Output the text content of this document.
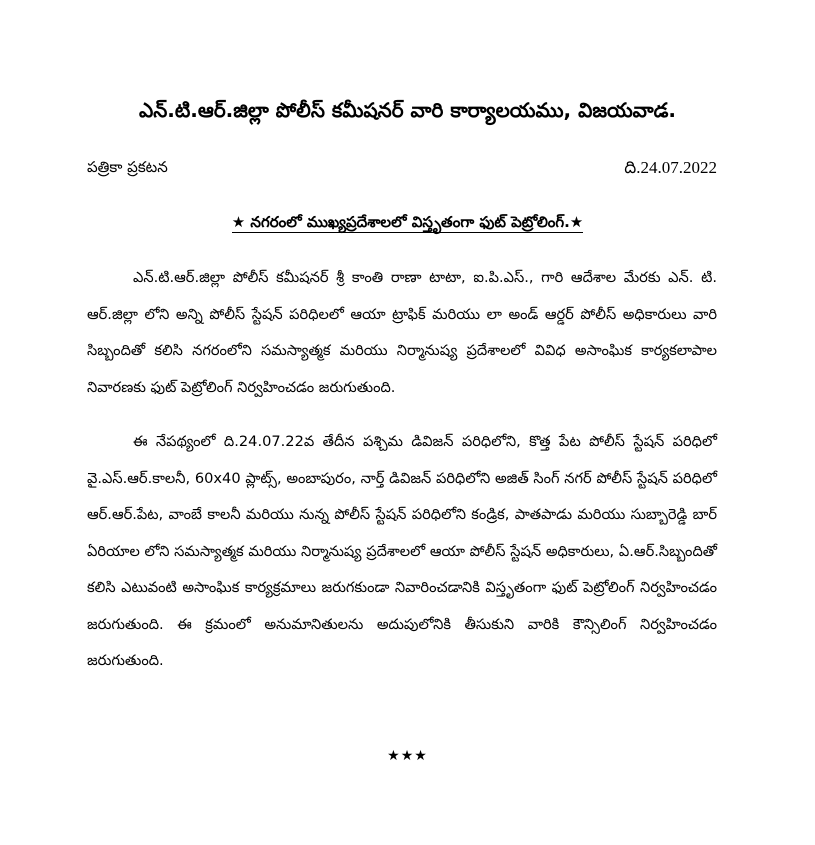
ఎన్.టి.ఆర్.జిల్లా పోలీస్ కమీషనర్ వారి కార్యాలయము, విజయవాడ.
పత్రికా ప్రకటన	ది.24.07.2022
★ నగరంలో ముఖ్యప్రదేశాలలో విస్తృతంగా ఫుట్ పెట్రోలింగ్.★

ఎన్.టి.ఆర్.జిల్లా పోలీస్ కమీషనర్ శ్రీ కాంతి రాణా టాటా, ఐ.పి.ఎస్., గారి ఆదేశాల మేరకు ఎన్. టి. ఆర్.జిల్లా లోని అన్ని పోలీస్ స్టేషన్ పరిధిలలో ఆయా ట్రాఫిక్ మరియు లా అండ్ ఆర్డర్ పోలీస్ అధికారులు వారి సిబ్బందితో కలిసి నగరంలోని సమస్యాత్మక మరియు నిర్మానుష్య ప్రదేశాలలో వివిధ అసాంఘిక కార్యకలాపాల నివారణకు ఫుట్ పెట్రోలింగ్ నిర్వహించడం జరుగుతుంది.

ఈ నేపథ్యంలో ది.24.07.22వ తేదీన పశ్చిమ డివిజన్ పరిధిలోని, కొత్త పేట పోలీస్ స్టేషన్ పరిధిలో వై.ఎస్.ఆర్.కాలనీ, 60x40 ప్లాట్స్, అంబాపురం, నార్త్ డివిజన్ పరిధిలోని అజిత్ సింగ్ నగర్ పోలీస్ స్టేషన్ పరిధిలో ఆర్.ఆర్.పేట, వాంబే కాలనీ మరియు నున్న పోలీస్ స్టేషన్ పరిధిలోని కండ్రిక, పాతపాడు మరియు సుబ్బారెడ్డి బార్ ఏరియాల లోని సమస్యాత్మక మరియు నిర్మానుష్య ప్రదేశాలలో ఆయా పోలీస్ స్టేషన్ అధికారులు, ఏ.ఆర్.సిబ్బందితో కలిసి ఎటువంటి అసాంఘిక కార్యక్రమాలు జరుగకుండా నివారించడానికి విస్తృతంగా ఫుట్ పెట్రోలింగ్ నిర్వహించడం జరుగుతుంది. ఈ క్రమంలో అనుమానితులను అదుపులోనికి తీసుకుని వారికి కౌన్సిలింగ్ నిర్వహించడం జరుగుతుంది.

★★★
